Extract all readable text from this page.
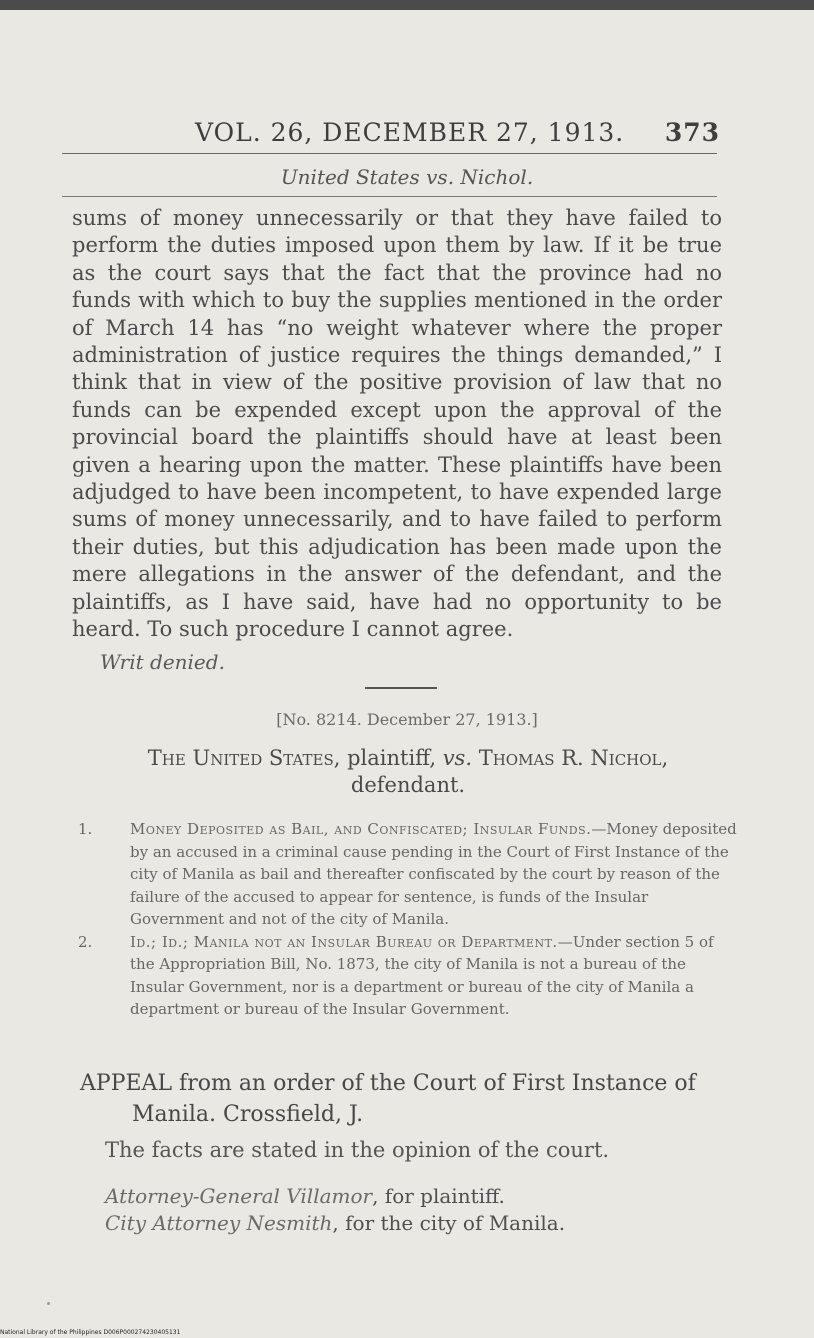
VOL. 26, DECEMBER 27, 1913. 373
United States vs. Nichol.
sums of money unnecessarily or that they have failed to perform the duties imposed upon them by law. If it be true as the court says that the fact that the province had no funds with which to buy the supplies mentioned in the order of March 14 has “no weight whatever where the proper administration of justice requires the things demanded,” I think that in view of the positive provision of law that no funds can be expended except upon the approval of the provincial board the plaintiffs should have at least been given a hearing upon the matter. These plaintiffs have been adjudged to have been incompetent, to have expended large sums of money unnecessarily, and to have failed to perform their duties, but this adjudication has been made upon the mere allegations in the answer of the defendant, and the plaintiffs, as I have said, have had no opportunity to be heard. To such procedure I cannot agree.
Writ denied.
[No. 8214. December 27, 1913.]
The United States, plaintiff, vs. Thomas R. Nichol, defendant.
1.	Money Deposited as Bail, and Confiscated; Insular Funds.—Money deposited by an accused in a criminal cause pending in the Court of First Instance of the city of Manila as bail and thereafter confiscated by the court by reason of the failure of the accused to appear for sentence, is funds of the Insular Government and not of the city of Manila.
2.	Id.; Id.; Manila not an Insular Bureau or Department.—Under section 5 of the Appropriation Bill, No. 1873, the city of Manila is not a bureau of the Insular Government, nor is a department or bureau of the city of Manila a department or bureau of the Insular Government.
APPEAL from an order of the Court of First Instance of
Manila. Crossfield, J.
The facts are stated in the opinion of the court.
Attorney-General Villamor, for plaintiff.
City Attorney Nesmith, for the city of Manila.
National Library of the Philippines D006P000274230405131
